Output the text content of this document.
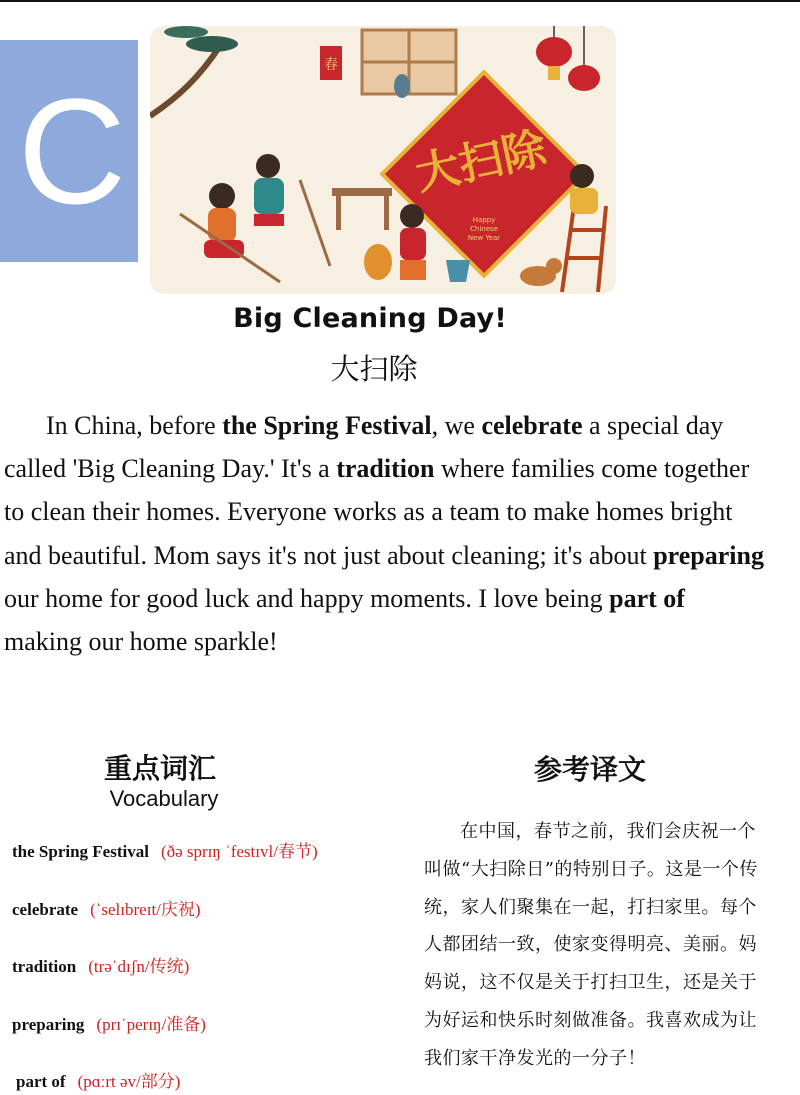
C
春
大扫除
Happy
Chinese
New Year
Big Cleaning Day!
大扫除
In China, before the Spring Festival, we celebrate a special day called 'Big Cleaning Day.' It's a tradition where families come together to clean their homes. Everyone works as a team to make homes bright and beautiful. Mom says it's not just about cleaning; it's about preparing our home for good luck and happy moments. I love being part of making our home sparkle!
重点词汇
Vocabulary
the Spring Festival (ðə sprɪŋ ˈfestɪvl/春节)
celebrate (ˈselɪbreɪt/庆祝)
tradition (trəˈdɪʃn/传统)
preparing (prɪˈperɪŋ/准备)
part of (pɑːrt əv/部分)
参考译文
在中国，春节之前，我们会庆祝一个叫做“大扫除日”的特别日子。这是一个传统，家人们聚集在一起，打扫家里。每个人都团结一致，使家变得明亮、美丽。妈妈说，这不仅是关于打扫卫生，还是关于为好运和快乐时刻做准备。我喜欢成为让我们家干净发光的一分子！
